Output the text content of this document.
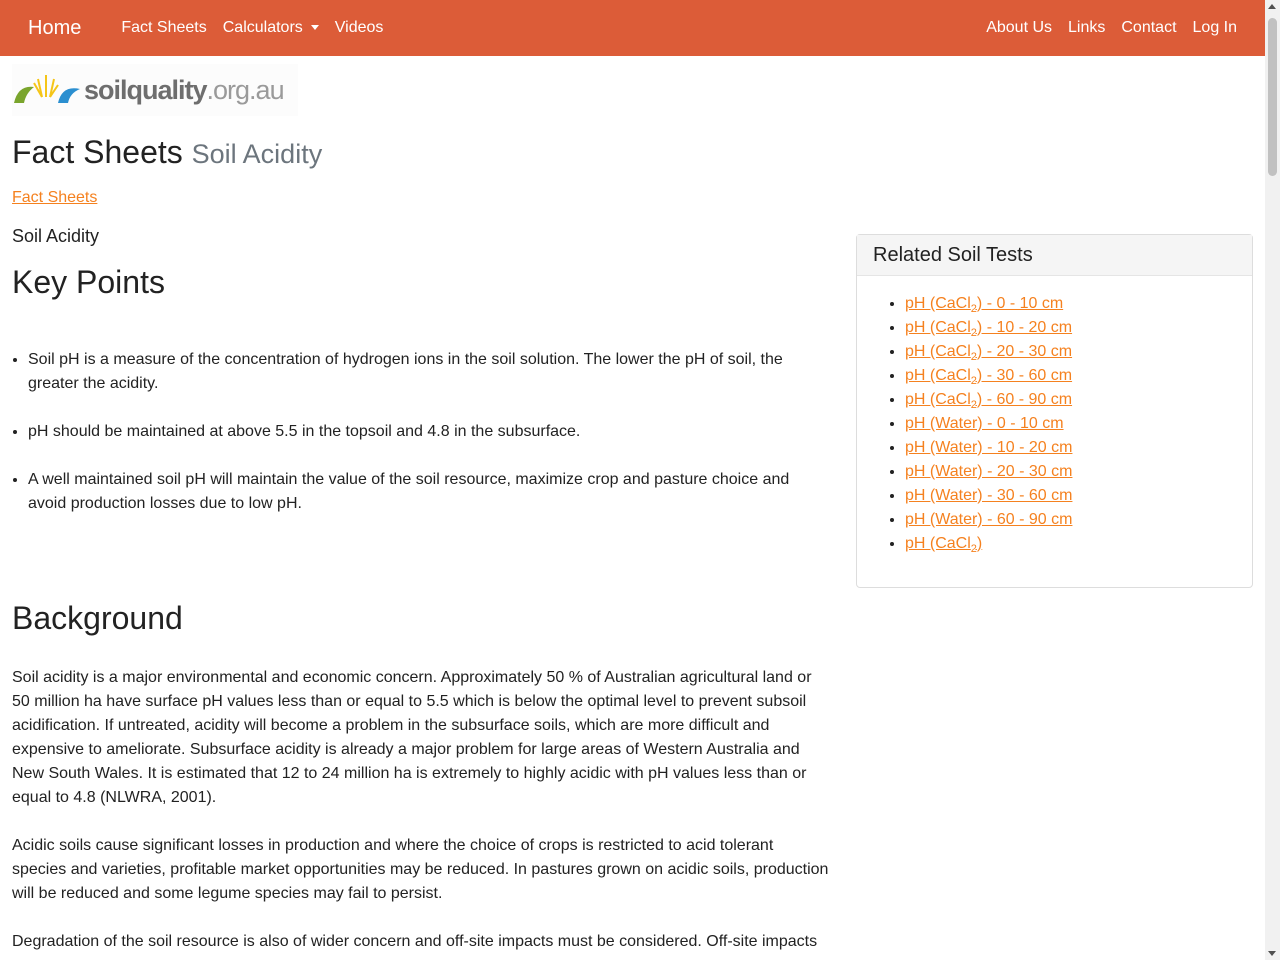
Home	Fact Sheets Calculators	Videos	About Us Links Contact Log In
soilquality .org.au
Fact Sheets Soil Acidity
Fact Sheets
Soil Acidity
Key Points
• Soil pH is a measure of the concentration of hydrogen ions in the soil solution. The lower the pH of soil, the greater the acidity.
• pH should be maintained at above 5.5 in the topsoil and 4.8 in the subsurface.
• A well maintained soil pH will maintain the value of the soil resource, maximize crop and pasture choice and avoid production losses due to low pH.
Background

Soil acidity is a major environmental and economic concern. Approximately 50 % of Australian agricultural land or 50 million ha have surface pH values less than or equal to 5.5 which is below the optimal level to prevent subsoil acidification. If untreated, acidity will become a problem in the subsurface soils, which are more difficult and expensive to ameliorate. Subsurface acidity is already a major problem for large areas of Western Australia and New South Wales. It is estimated that 12 to 24 million ha is extremely to highly acidic with pH values less than or equal to 4.8 (NLWRA, 2001).

Acidic soils cause significant losses in production and where the choice of crops is restricted to acid tolerant species and varieties, profitable market opportunities may be reduced. In pastures grown on acidic soils, production will be reduced and some legume species may fail to persist.

Degradation of the soil resource is also of wider concern and off-site impacts must be considered. Off-site impacts

Related Soil Tests
• pH (CaCl$_2$) - 0 - 10 cm
• pH (CaCl$_2$) - 10 - 20 cm
• pH (CaCl$_2$) - 20 - 30 cm
• pH (CaCl$_2$) - 30 - 60 cm
• pH (CaCl$_2$) - 60 - 90 cm
• pH (Water) - 0 - 10 cm
• pH (Water) - 10 - 20 cm
• pH (Water) - 20 - 30 cm
• pH (Water) - 30 - 60 cm
• pH (Water) - 60 - 90 cm
• pH (CaCl$_2$)
